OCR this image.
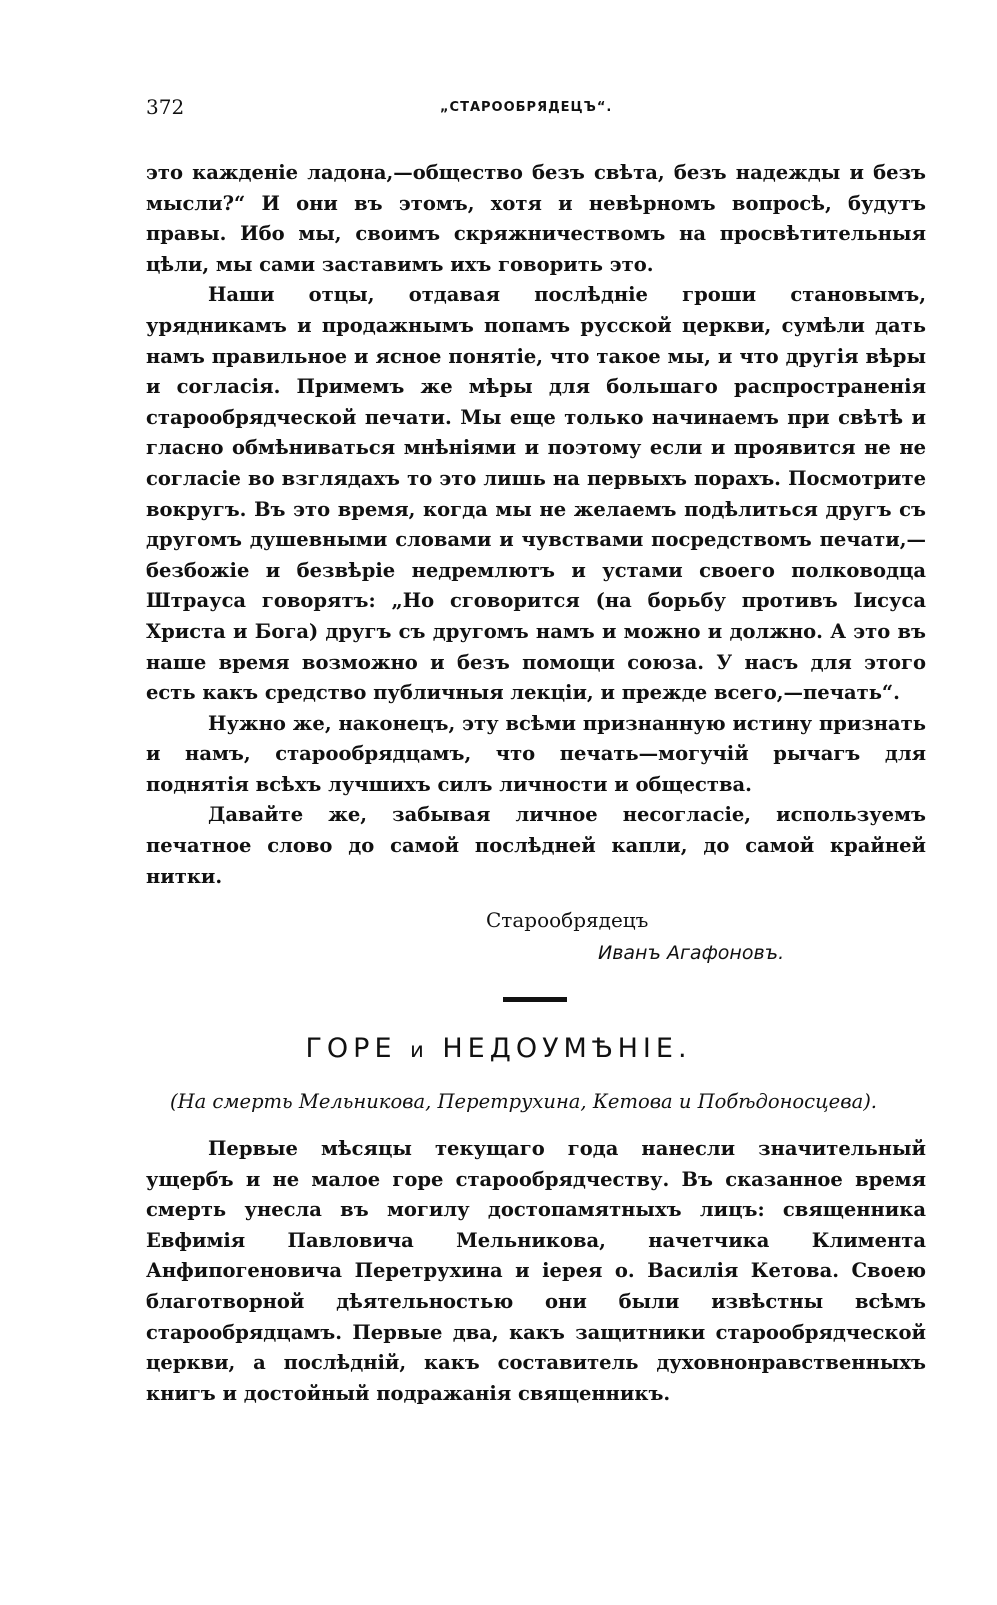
372	„СТАРООБРЯДЕЦЪ“.

это кажденіе ладона,—общество безъ свѣта, безъ надежды и безъ мысли?“ И они въ этомъ, хотя и невѣрномъ вопросѣ, будутъ правы. Ибо мы, своимъ скряжничествомъ на просвѣтительныя цѣли, мы сами заставимъ ихъ говорить это.

Наши отцы, отдавая послѣдніе гроши становымъ, урядникамъ и продажнымъ попамъ русской церкви, сумѣли дать намъ правильное и ясное понятіе, что такое мы, и что другія вѣры и согласія. Примемъ же мѣры для большаго распространенія старообрядческой печати. Мы еще только начинаемъ при свѣтѣ и гласно обмѣниваться мнѣніями и поэтому если и проявится не не согласіе во взглядахъ то это лишь на первыхъ порахъ. Посмотрите вокругъ. Въ это время, когда мы не желаемъ подѣлиться другъ съ другомъ душевными словами и чувствами посредствомъ печати,—безбожіе и безвѣріе недремлютъ и устами своего полководца Штрауса говорятъ: „Но сговорится (на борьбу противъ Іисуса Христа и Бога) другъ съ другомъ намъ и можно и должно. А это въ наше время возможно и безъ помощи союза. У насъ для этого есть какъ средство публичныя лекціи, и прежде всего,—печать“.

Нужно же, наконецъ, эту всѣми признанную истину признать и намъ, старообрядцамъ, что печать—могучій рычагъ для поднятія всѣхъ лучшихъ силъ личности и общества.

Давайте же, забывая личное несогласіе, используемъ печатное слово до самой послѣдней капли, до самой крайней нитки.

Старообрядецъ
Иванъ Агафоновъ.
ГОРЕ и НЕДОУМѢНІЕ.
(На смерть Мельникова, Перетрухина, Кетова и Побѣдоносцева).

Первые мѣсяцы текущаго года нанесли значительный ущербъ и не малое горе старообрядчеству. Въ сказанное время смерть унесла въ могилу достопамятныхъ лицъ: священника Евфимія Павловича Мельникова, начетчика Климента Анфипогеновича Перетрухина и іерея о. Василія Кетова. Своею благотворной дѣятельностью они были извѣстны всѣмъ старообрядцамъ. Первые два, какъ защитники старообрядческой церкви, а послѣдній, какъ составитель духовнонравственныхъ книгъ и достойный подражанія священникъ.
